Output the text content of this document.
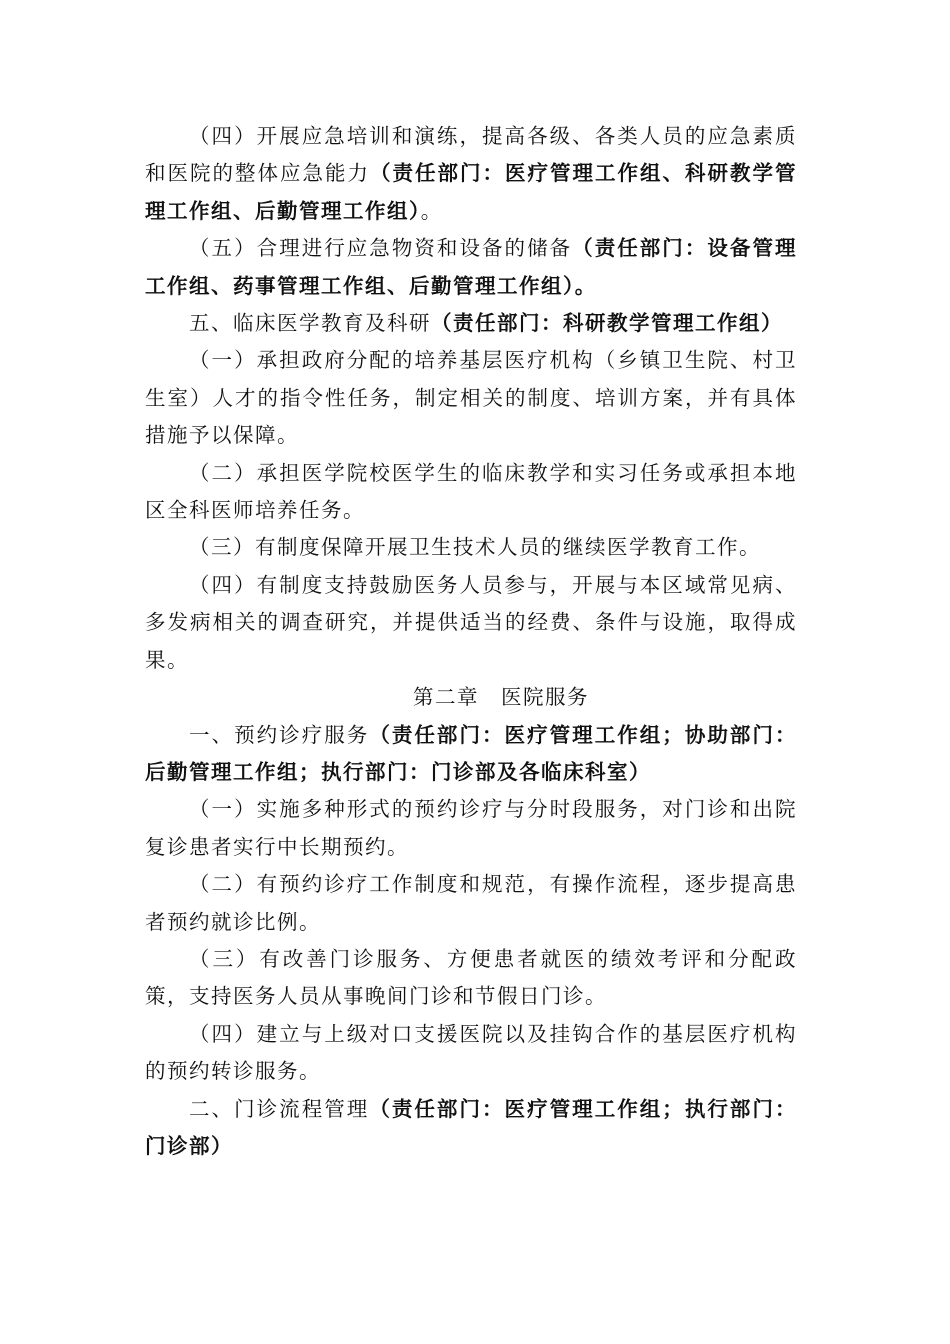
（四）开展应急培训和演练，提高各级、各类人员的应急素质和医院的整体应急能力（责任部门：医疗管理工作组、科研教学管理工作组、后勤管理工作组）。

（五）合理进行应急物资和设备的储备（责任部门：设备管理工作组、药事管理工作组、后勤管理工作组）。

五、临床医学教育及科研（责任部门：科研教学管理工作组）

（一）承担政府分配的培养基层医疗机构（乡镇卫生院、村卫生室）人才的指令性任务，制定相关的制度、培训方案，并有具体措施予以保障。

（二）承担医学院校医学生的临床教学和实习任务或承担本地区全科医师培养任务。

（三）有制度保障开展卫生技术人员的继续医学教育工作。

（四）有制度支持鼓励医务人员参与，开展与本区域常见病、多发病相关的调查研究，并提供适当的经费、条件与设施，取得成果。

第二章　医院服务

一、预约诊疗服务（责任部门：医疗管理工作组；协助部门：后勤管理工作组；执行部门：门诊部及各临床科室）

（一）实施多种形式的预约诊疗与分时段服务，对门诊和出院复诊患者实行中长期预约。

（二）有预约诊疗工作制度和规范，有操作流程，逐步提高患者预约就诊比例。

（三）有改善门诊服务、方便患者就医的绩效考评和分配政策，支持医务人员从事晚间门诊和节假日门诊。

（四）建立与上级对口支援医院以及挂钩合作的基层医疗机构的预约转诊服务。

二、门诊流程管理（责任部门：医疗管理工作组；执行部门：门诊部）
